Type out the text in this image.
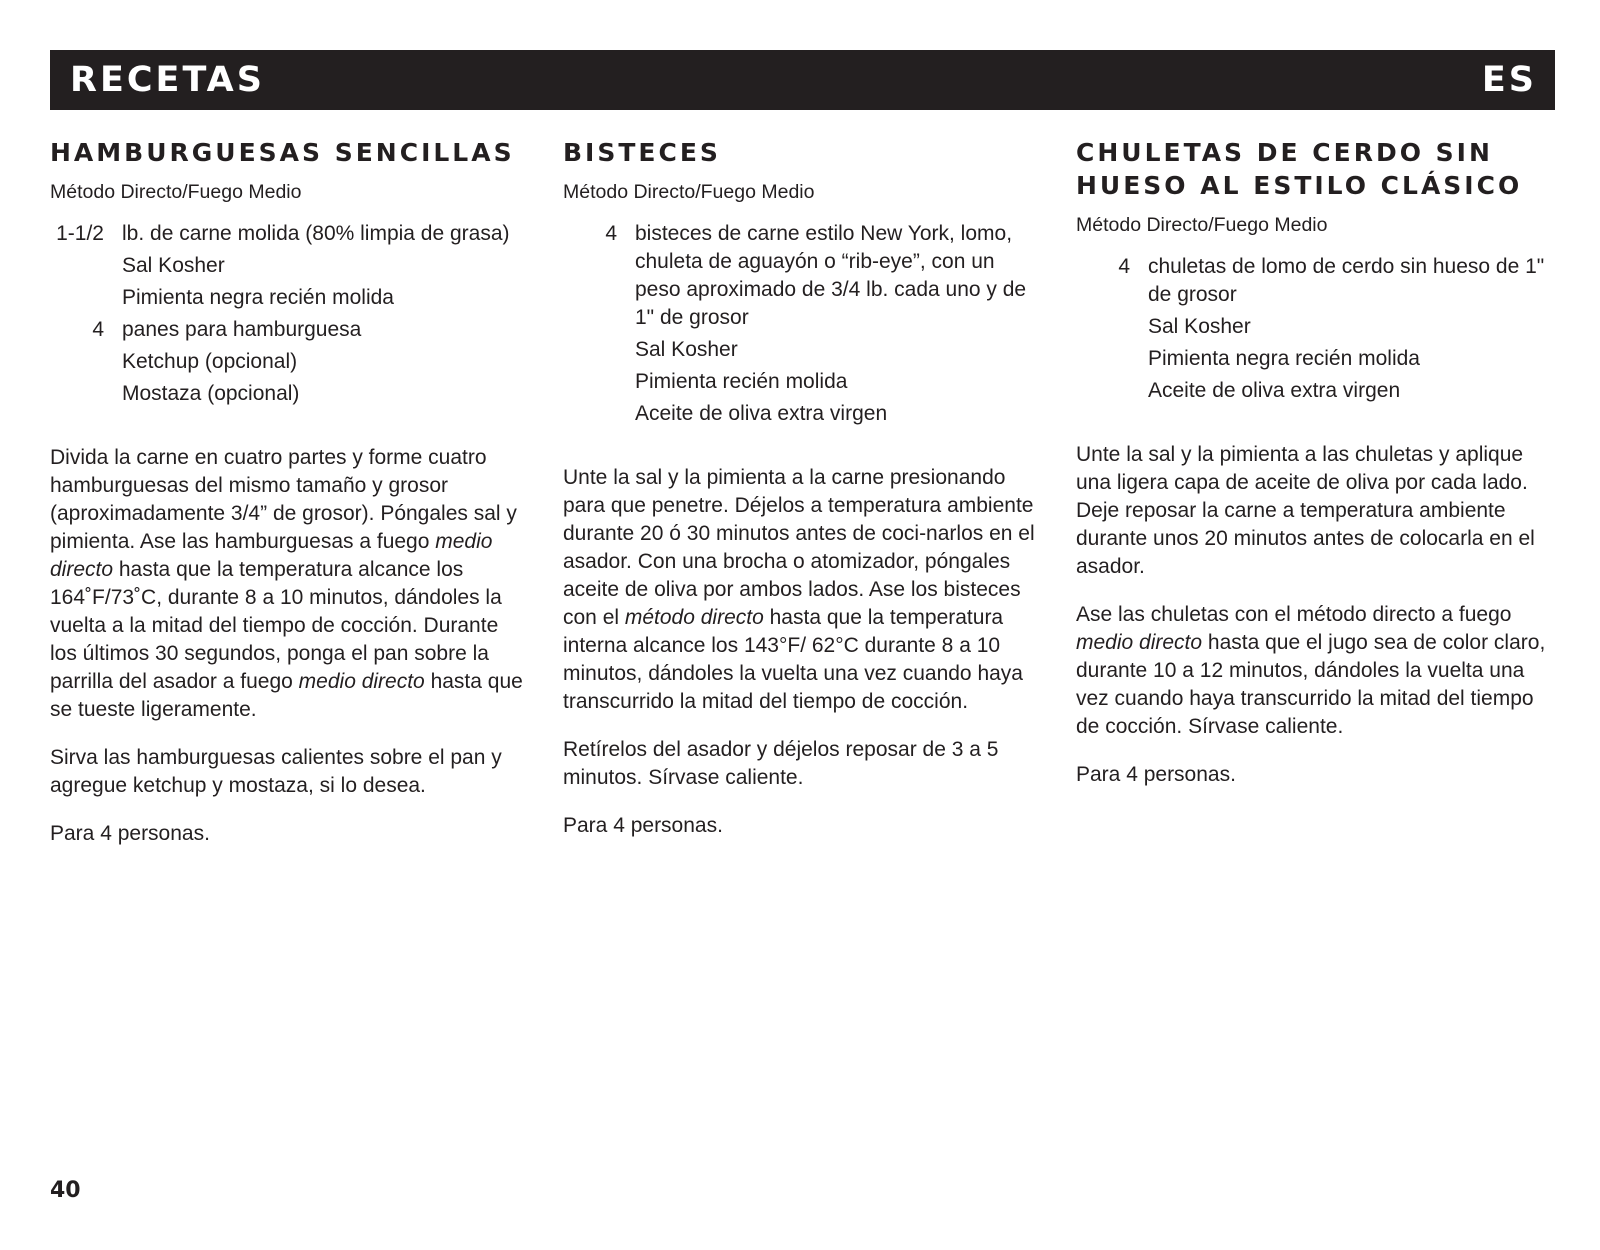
RECETAS	ES
HAMBURGUESAS SENCILLAS
Método Directo/Fuego Medio
1-1/2 lb. de carne molida (80% limpia de grasa)
Sal Kosher
Pimienta negra recién molida
4 panes para hamburguesa
Ketchup (opcional)
Mostaza (opcional)

Divida la carne en cuatro partes y forme cuatro hamburguesas del mismo tamaño y grosor (aproximadamente 3/4” de grosor). Póngales sal y pimienta. Ase las hamburguesas a fuego medio directo hasta que la temperatura alcance los 164˚F/73˚C, durante 8 a 10 minutos, dándoles la vuelta a la mitad del tiempo de cocción. Durante los últimos 30 segundos, ponga el pan sobre la parrilla del asador a fuego medio directo hasta que se tueste ligeramente.

Sirva las hamburguesas calientes sobre el pan y agregue ketchup y mostaza, si lo desea.

Para 4 personas.

BISTECES
Método Directo/Fuego Medio
4 bisteces de carne estilo New York, lomo, chuleta de aguayón o “rib-eye”, con un peso aproximado de 3/4 lb. cada uno y de 1" de grosor
Sal Kosher
Pimienta recién molida
Aceite de oliva extra virgen

Unte la sal y la pimienta a la carne presionando para que penetre. Déjelos a temperatura ambiente durante 20 ó 30 minutos antes de coci-narlos en el asador. Con una brocha o atomizador, póngales aceite de oliva por ambos lados. Ase los bisteces con el método directo hasta que la temperatura interna alcance los 143°F/ 62°C durante 8 a 10 minutos, dándoles la vuelta una vez cuando haya transcurrido la mitad del tiempo de cocción.

Retírelos del asador y déjelos reposar de 3 a 5 minutos. Sírvase caliente.

Para 4 personas.

CHULETAS DE CERDO SIN HUESO AL ESTILO CLÁSICO
Método Directo/Fuego Medio
4 chuletas de lomo de cerdo sin hueso de 1" de grosor
Sal Kosher
Pimienta negra recién molida
Aceite de oliva extra virgen

Unte la sal y la pimienta a las chuletas y aplique una ligera capa de aceite de oliva por cada lado. Deje reposar la carne a temperatura ambiente durante unos 20 minutos antes de colocarla en el asador.

Ase las chuletas con el método directo a fuego medio directo hasta que el jugo sea de color claro, durante 10 a 12 minutos, dándoles la vuelta una vez cuando haya transcurrido la mitad del tiempo de cocción. Sírvase caliente.

Para 4 personas.

40
